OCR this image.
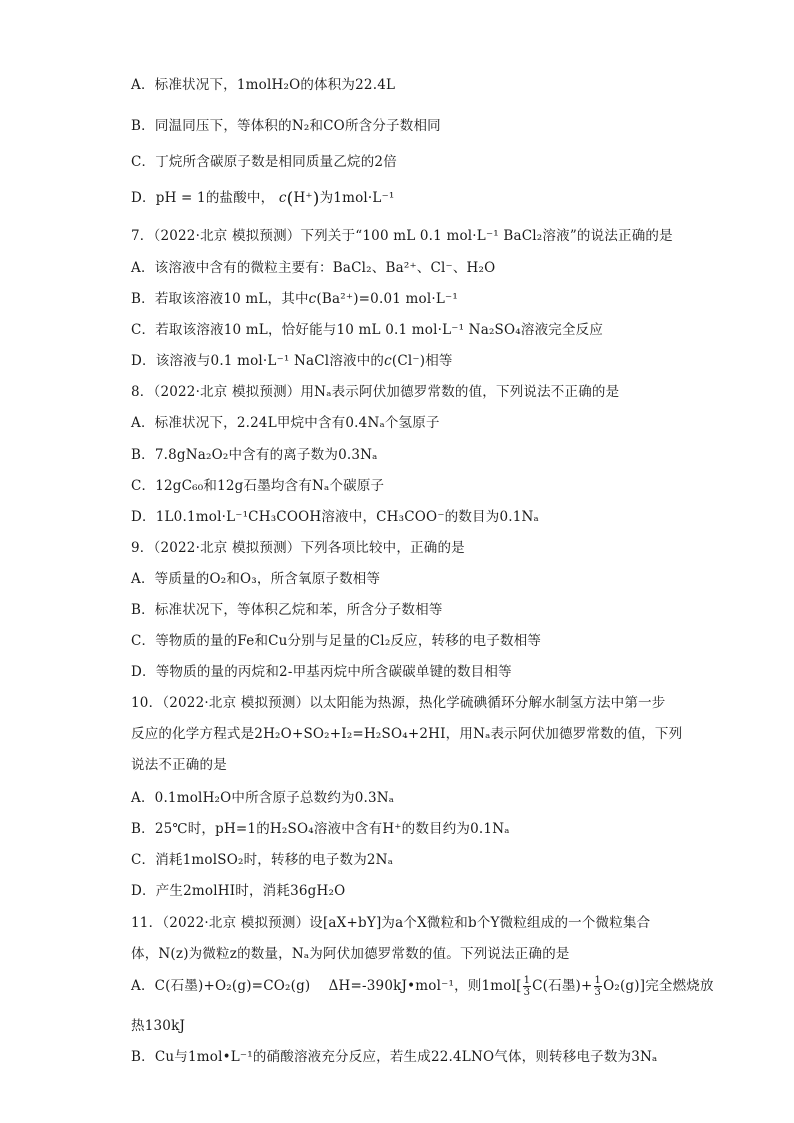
A．标准状况下，1molH₂O的体积为22.4L
B．同温同压下，等体积的N₂和CO所含分子数相同
C．丁烷所含碳原子数是相同质量乙烷的2倍
D．pH = 1的盐酸中， c(H⁺)为1mol·L⁻¹
7．（2022·北京 模拟预测）下列关于“100 mL 0.1 mol·L⁻¹ BaCl₂溶液”的说法正确的是
A．该溶液中含有的微粒主要有：BaCl₂、Ba²⁺、Cl⁻、H₂O
B．若取该溶液10 mL，其中c(Ba²⁺)=0.01 mol·L⁻¹
C．若取该溶液10 mL，恰好能与10 mL 0.1 mol·L⁻¹ Na₂SO₄溶液完全反应
D．该溶液与0.1 mol·L⁻¹ NaCl溶液中的c(Cl⁻)相等
8．（2022·北京 模拟预测）用Nₐ表示阿伏加德罗常数的值，下列说法不正确的是
A．标准状况下，2.24L甲烷中含有0.4Nₐ个氢原子
B．7.8gNa₂O₂中含有的离子数为0.3Nₐ
C．12gC₆₀和12g石墨均含有Nₐ个碳原子
D．1L0.1mol·L⁻¹CH₃COOH溶液中，CH₃COO⁻的数目为0.1Nₐ
9．（2022·北京 模拟预测）下列各项比较中，正确的是
A．等质量的O₂和O₃，所含氧原子数相等
B．标准状况下，等体积乙烷和苯，所含分子数相等
C．等物质的量的Fe和Cu分别与足量的Cl₂反应，转移的电子数相等
D．等物质的量的丙烷和2-甲基丙烷中所含碳碳单键的数目相等
10．（2022·北京 模拟预测）以太阳能为热源，热化学硫碘循环分解水制氢方法中第一步
反应的化学方程式是2H₂O+SO₂+I₂=H₂SO₄+2HI，用Nₐ表示阿伏加德罗常数的值，下列
说法不正确的是
A．0.1molH₂O中所含原子总数约为0.3Nₐ
B．25℃时，pH=1的H₂SO₄溶液中含有H⁺的数目约为0.1Nₐ
C．消耗1molSO₂时，转移的电子数为2Nₐ
D．产生2molHI时，消耗36gH₂O
11．（2022·北京 模拟预测）设[aX+bY]为a个X微粒和b个Y微粒组成的一个微粒集合
体，N(z)为微粒z的数量，Nₐ为阿伏加德罗常数的值。下列说法正确的是
A．C(石墨)+O₂(g)=CO₂(g)　 ΔH=-390kJ•mol⁻¹，则$1mol[ \frac{1}{3} C$(石墨)+ $\frac{1}{3} O_2(g)$]完全燃烧放
热130kJ
B．Cu与1mol•L⁻¹的硝酸溶液充分反应，若生成22.4LNO气体，则转移电子数为3Nₐ
